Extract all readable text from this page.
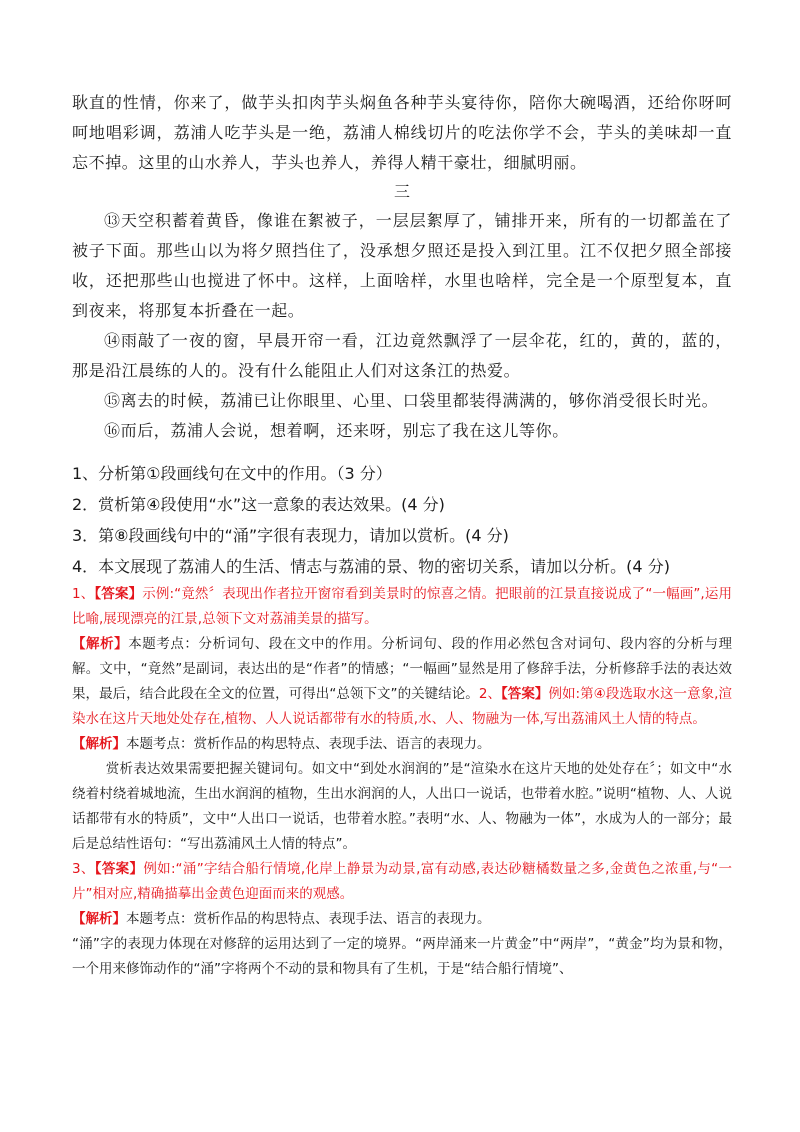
耿直的性情，你来了，做芋头扣肉芋头焖鱼各种芋头宴待你，陪你大碗喝酒，还给你呀呵呵地唱彩调，荔浦人吃芋头是一绝，荔浦人棉线切片的吃法你学不会，芋头的美味却一直忘不掉。这里的山水养人，芋头也养人，养得人精干豪壮，细腻明丽。

三

⑬天空积蓄着黄昏，像谁在絮被子，一层层絮厚了，铺排开来，所有的一切都盖在了被子下面。那些山以为将夕照挡住了，没承想夕照还是投入到江里。江不仅把夕照全部接收，还把那些山也搅进了怀中。这样，上面啥样，水里也啥样，完全是一个原型复本，直到夜来，将那复本折叠在一起。

⑭雨敲了一夜的窗，早晨开帘一看，江边竟然飘浮了一层伞花，红的，黄的，蓝的，那是沿江晨练的人的。没有什么能阻止人们对这条江的热爱。

⑮离去的时候，荔浦已让你眼里、心里、口袋里都装得满满的，够你消受很长时光。

⑯而后，荔浦人会说，想着啊，还来呀，别忘了我在这儿等你。

1、分析第①段画线句在文中的作用。（3 分）

2．赏析第④段使用“水”这一意象的表达效果。(4 分)

3．第⑧段画线句中的“涌”字很有表现力，请加以赏析。(4 分)

4．本文展现了荔浦人的生活、情志与荔浦的景、物的密切关系，请加以分析。(4 分)

1、【答案】示例:“竟然〞表现出作者拉开窗帘看到美景时的惊喜之情。把眼前的江景直接说成了“一幅画”,运用比喻,展现漂亮的江景,总领下文对荔浦美景的描写。

【解析】本题考点：分析词句、段在文中的作用。分析词句、段的作用必然包含对词句、段内容的分析与理解。文中，“竟然”是副词，表达出的是“作者”的情感；“一幅画”显然是用了修辞手法，分析修辞手法的表达效果，最后，结合此段在全文的位置，可得出“总领下文”的关键结论。2、【答案】例如:第④段选取水这一意象,渲染水在这片天地处处存在,植物、人人说话都带有水的特质,水、人、物融为一体,写出荔浦风土人情的特点。

【解析】本题考点：赏析作品的构思特点、表现手法、语言的表现力。

赏析表达效果需要把握关键词句。如文中“到处水润润的”是“渲染水在这片天地的处处存在〞；如文中“水绕着村绕着城地流，生出水润润的植物，生出水润润的人，人出口一说话，也带着水腔。”说明“植物、人、人说话都带有水的特质”，文中“人出口一说话，也带着水腔。”表明“水、人、物融为一体”，水成为人的一部分；最后是总结性语句：“写出荔浦风土人情的特点”。

3、【答案】例如:“涌”字结合船行情境,化岸上静景为动景,富有动感,表达砂糖橘数量之多,金黄色之浓重,与“一片”相对应,精确描摹出金黄色迎面而来的观感。

【解析】本题考点：赏析作品的构思特点、表现手法、语言的表现力。

“涌”字的表现力体现在对修辞的运用达到了一定的境界。“两岸涌来一片黄金”中“两岸”，“黄金”均为景和物，一个用来修饰动作的“涌”字将两个不动的景和物具有了生机，于是“结合船行情境”、
